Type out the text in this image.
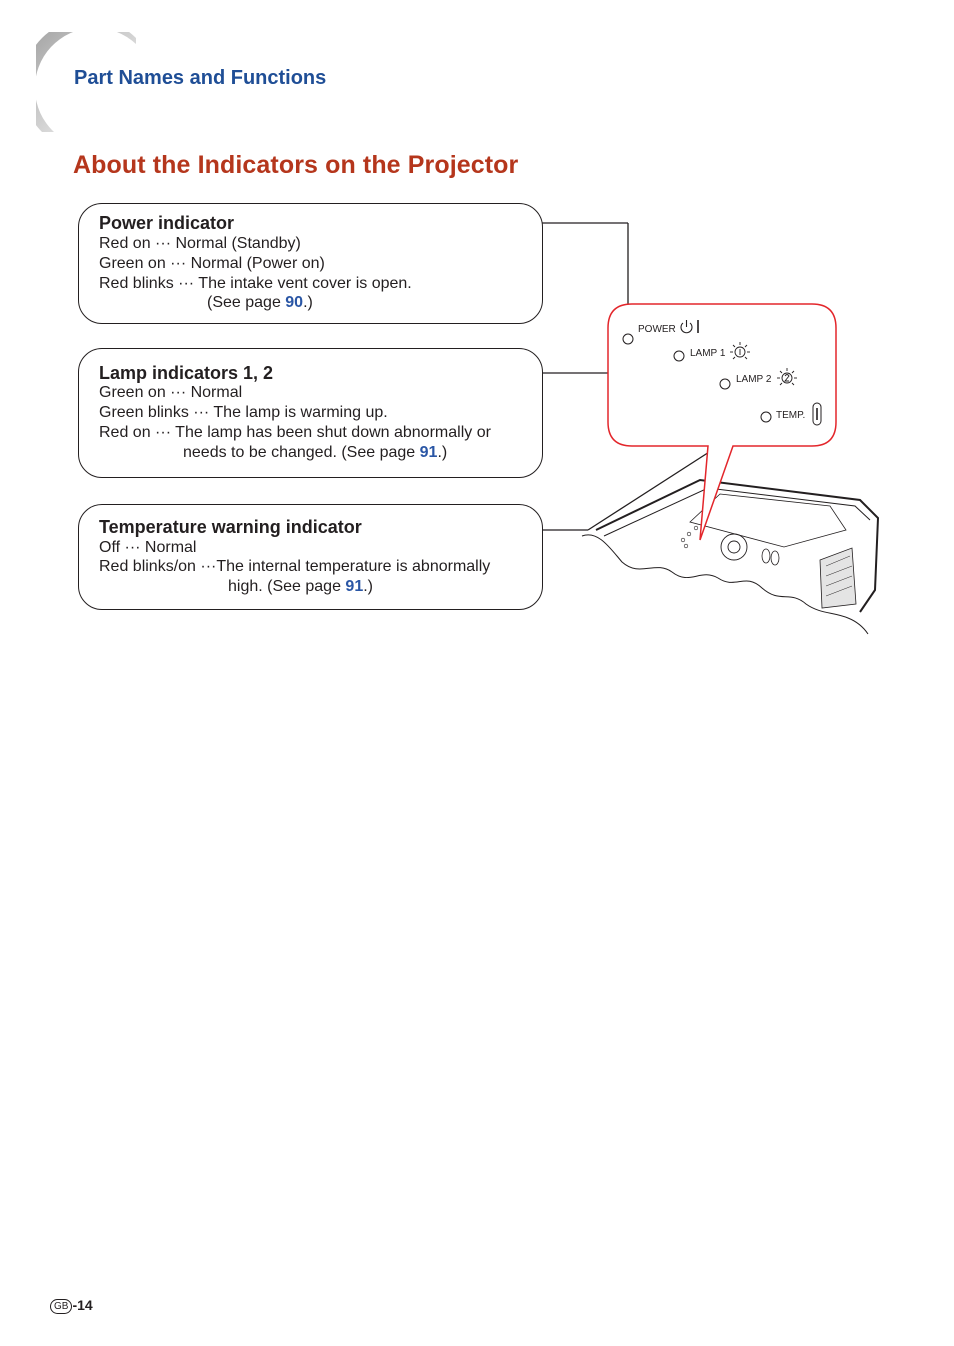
Part Names and Functions
About the Indicators on the Projector
POWER
LAMP 1
LAMP 2
TEMP.
Power indicator
Red on ··· Normal (Standby)
Green on ··· Normal (Power on)
Red blinks ··· The intake vent cover is open.
(See page 90.)
Lamp indicators 1, 2
Green on ··· Normal
Green blinks ··· The lamp is warming up.
Red on ··· The lamp has been shut down abnormally or
needs to be changed. (See page 91.)
Temperature warning indicator
Off ··· Normal
Red blinks/on ···The internal temperature is abnormally
high. (See page 91.)
GB -14
